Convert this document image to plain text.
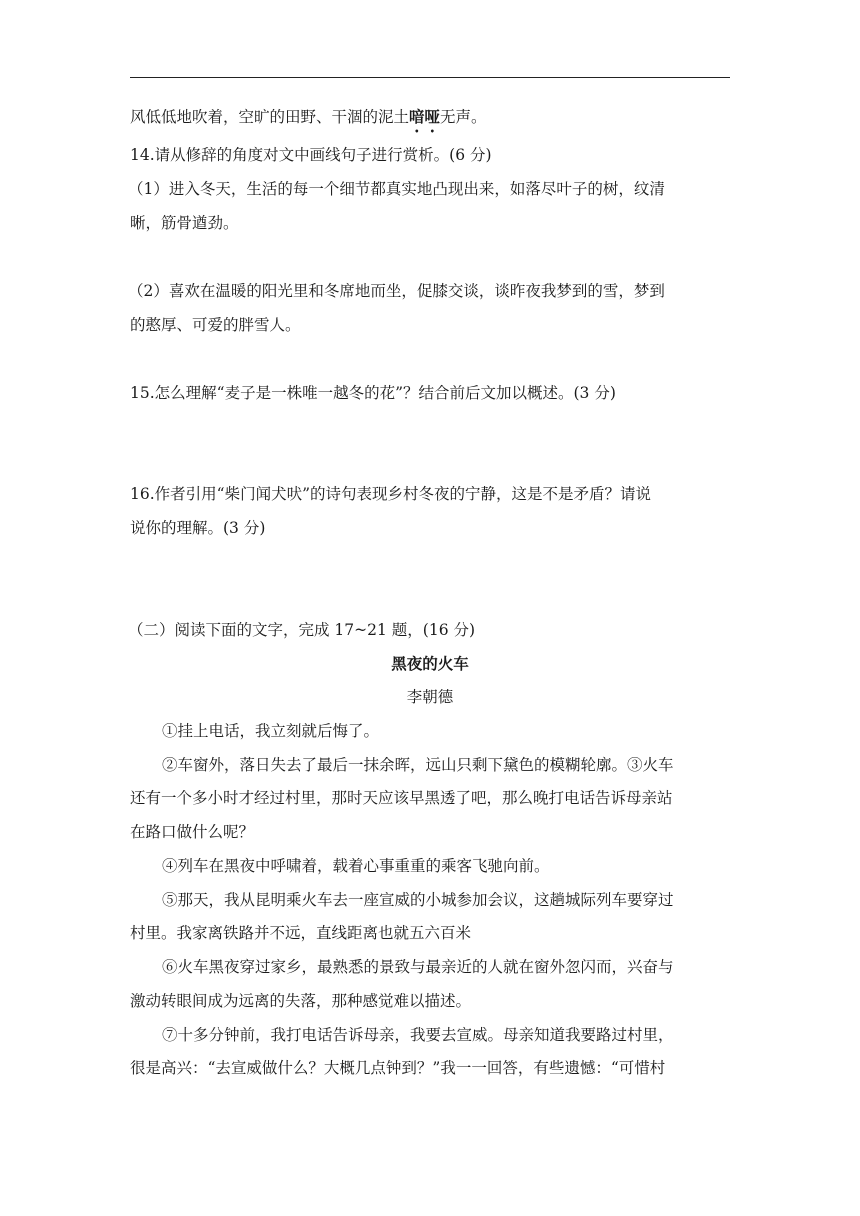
风低低地吹着，空旷的田野、干涸的泥土喑哑无声。
14.请从修辞的角度对文中画线句子进行赏析。(6 分)
（1）进入冬天，生活的每一个细节都真实地凸现出来，如落尽叶子的树，纹清
晰，筋骨遒劲。
（2）喜欢在温暖的阳光里和冬席地而坐，促膝交谈，谈昨夜我梦到的雪，梦到
的憨厚、可爱的胖雪人。
15.怎么理解“麦子是一株唯一越冬的花”？结合前后文加以概述。(3 分)
16.作者引用“柴门闻犬吠”的诗句表现乡村冬夜的宁静，这是不是矛盾？请说
说你的理解。(3 分)
（二）阅读下面的文字，完成 17~21 题，(16 分)
黑夜的火车
李朝德
①挂上电话，我立刻就后悔了。
②车窗外，落日失去了最后一抹余晖，远山只剩下黛色的模糊轮廓。③火车
还有一个多小时才经过村里，那时天应该早黑透了吧，那么晚打电话告诉母亲站
在路口做什么呢？
④列车在黑夜中呼啸着，载着心事重重的乘客飞驰向前。
⑤那天，我从昆明乘火车去一座宣威的小城参加会议，这趟城际列车要穿过
村里。我家离铁路并不远，直线距离也就五六百米
⑥火车黑夜穿过家乡，最熟悉的景致与最亲近的人就在窗外忽闪而，兴奋与
激动转眼间成为远离的失落，那种感觉难以描述。
⑦十多分钟前，我打电话告诉母亲，我要去宣威。母亲知道我要路过村里，
很是高兴：“去宣威做什么？大概几点钟到？”我一一回答，有些遗憾：“可惜村
